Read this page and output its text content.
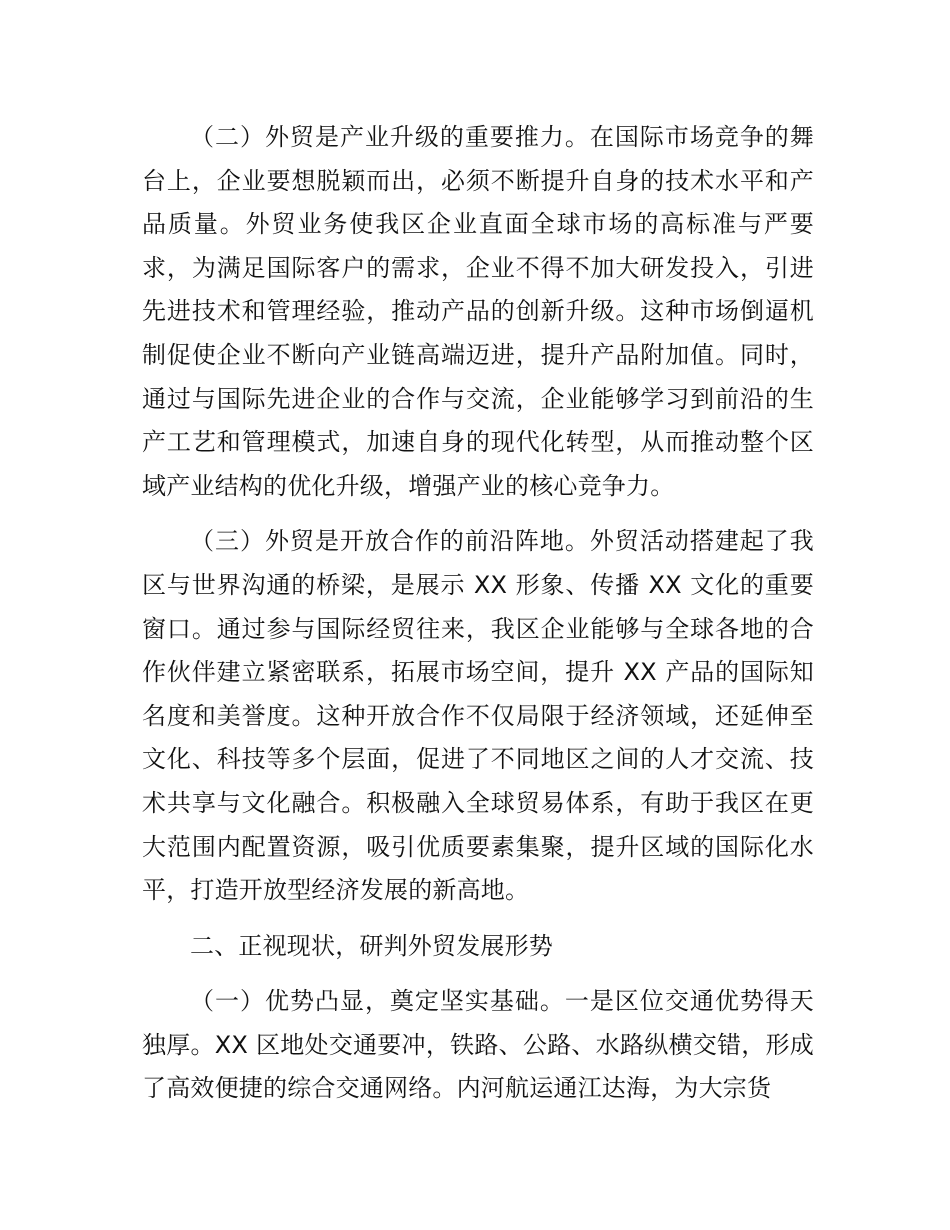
（二）外贸是产业升级的重要推力。在国际市场竞争的舞台上，企业要想脱颖而出，必须不断提升自身的技术水平和产品质量。外贸业务使我区企业直面全球市场的高标准与严要求，为满足国际客户的需求，企业不得不加大研发投入，引进先进技术和管理经验，推动产品的创新升级。这种市场倒逼机制促使企业不断向产业链高端迈进，提升产品附加值。同时，通过与国际先进企业的合作与交流，企业能够学习到前沿的生产工艺和管理模式，加速自身的现代化转型，从而推动整个区域产业结构的优化升级，增强产业的核心竞争力。

（三）外贸是开放合作的前沿阵地。外贸活动搭建起了我区与世界沟通的桥梁，是展示 XX 形象、传播 XX 文化的重要窗口。通过参与国际经贸往来，我区企业能够与全球各地的合作伙伴建立紧密联系，拓展市场空间，提升 XX 产品的国际知名度和美誉度。这种开放合作不仅局限于经济领域，还延伸至文化、科技等多个层面，促进了不同地区之间的人才交流、技术共享与文化融合。积极融入全球贸易体系，有助于我区在更大范围内配置资源，吸引优质要素集聚，提升区域的国际化水平，打造开放型经济发展的新高地。

二、正视现状，研判外贸发展形势

（一）优势凸显，奠定坚实基础。一是区位交通优势得天独厚。XX 区地处交通要冲，铁路、公路、水路纵横交错，形成了高效便捷的综合交通网络。内河航运通江达海，为大宗货
